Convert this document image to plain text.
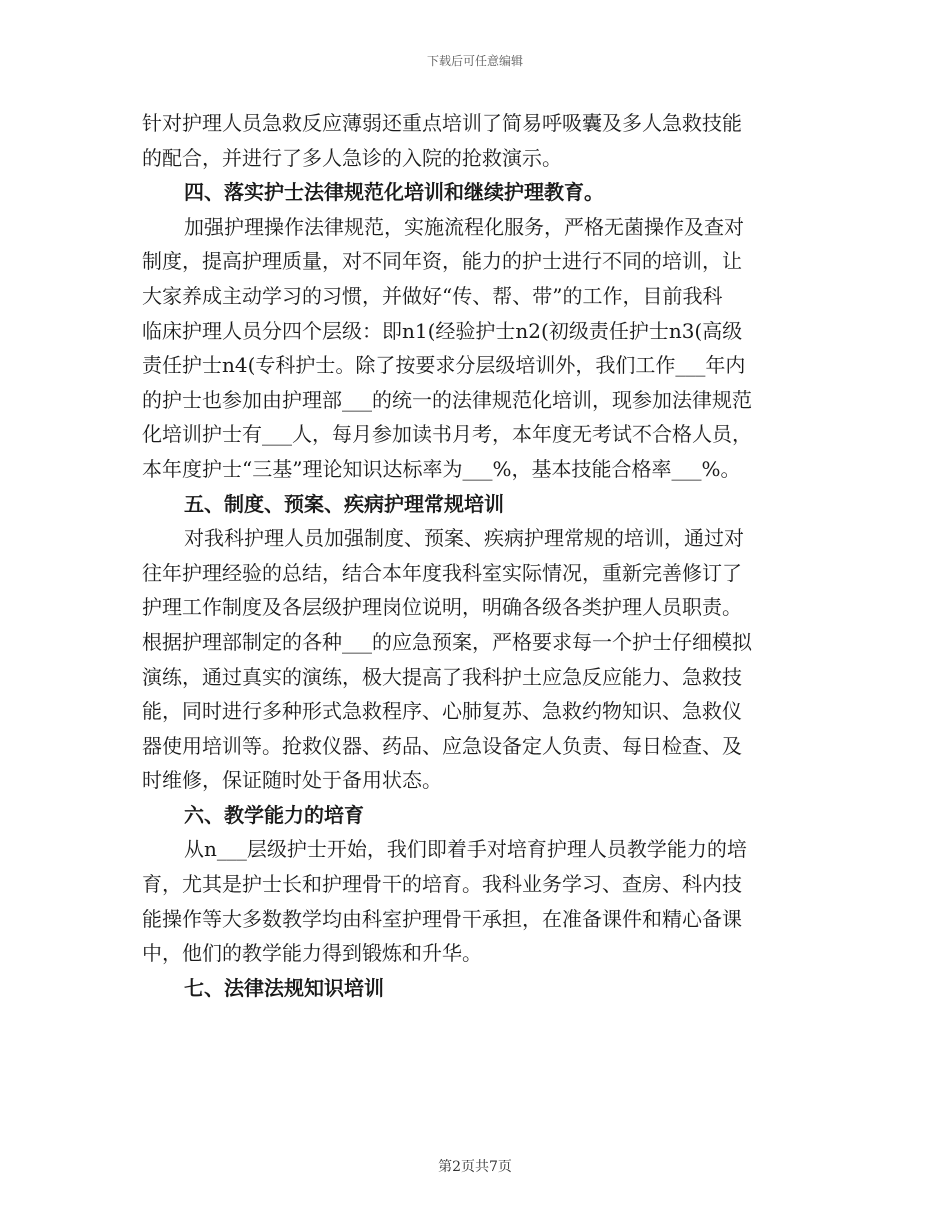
下载后可任意编辑
针对护理人员急救反应薄弱还重点培训了简易呼吸囊及多人急救技能
的配合，并进行了多人急诊的入院的抢救演示。
四、落实护士法律规范化培训和继续护理教育。
加强护理操作法律规范，实施流程化服务，严格无菌操作及查对
制度，提高护理质量，对不同年资，能力的护士进行不同的培训，让
大家养成主动学习的习惯，并做好“传、帮、带”的工作，目前我科
临床护理人员分四个层级：即n1(经验护士n2(初级责任护士n3(高级
责任护士n4(专科护士。除了按要求分层级培训外，我们工作___年内
的护士也参加由护理部___的统一的法律规范化培训，现参加法律规范
化培训护士有___人，每月参加读书月考，本年度无考试不合格人员，
本年度护士“三基”理论知识达标率为___%，基本技能合格率___%。
五、制度、预案、疾病护理常规培训
对我科护理人员加强制度、预案、疾病护理常规的培训，通过对
往年护理经验的总结，结合本年度我科室实际情况，重新完善修订了
护理工作制度及各层级护理岗位说明，明确各级各类护理人员职责。
根据护理部制定的各种___的应急预案，严格要求每一个护士仔细模拟
演练，通过真实的演练，极大提高了我科护土应急反应能力、急救技
能，同时进行多种形式急救程序、心肺复苏、急救约物知识、急救仪
器使用培训等。抢救仪器、药品、应急设备定人负责、每日检查、及
时维修，保证随时处于备用状态。
六、教学能力的培育
从n___层级护士开始，我们即着手对培育护理人员教学能力的培
育，尤其是护士长和护理骨干的培育。我科业务学习、查房、科内技
能操作等大多数教学均由科室护理骨干承担，在准备课件和精心备课
中，他们的教学能力得到锻炼和升华。
七、法律法规知识培训
第2页共7页
